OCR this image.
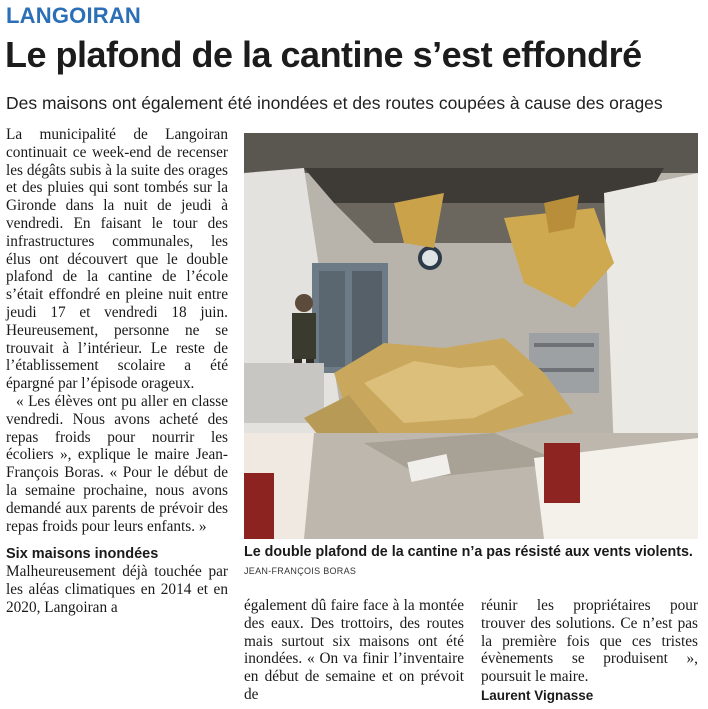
LANGOIRAN
Le plafond de la cantine s’est effondré
Des maisons ont également été inondées et des routes coupées à cause des orages

La municipalité de Langoiran continuait ce week-end de recenser les dégâts subis à la suite des orages et des pluies qui sont tombés sur la Gironde dans la nuit de jeudi à vendredi. En faisant le tour des infrastructures communales, les élus ont découvert que le double plafond de la cantine de l’école s’était effondré en pleine nuit entre jeudi 17 et vendredi 18 juin. Heureusement, personne ne se trouvait à l’intérieur. Le reste de l’établissement scolaire a été épargné par l’épisode orageux.

« Les élèves ont pu aller en classe vendredi. Nous avons acheté des repas froids pour nourrir les écoliers », explique le maire Jean-François Boras. « Pour le début de la semaine prochaine, nous avons demandé aux parents de prévoir des repas froids pour leurs enfants. »

Six maisons inondées

Malheureusement déjà touchée par les aléas climatiques en 2014 et en 2020, Langoiran a

Le double plafond de la cantine n’a pas résisté aux vents violents. JEAN-FRANÇOIS BORAS

également dû faire face à la montée des eaux. Des trottoirs, des routes mais surtout six maisons ont été inondées. « On va finir l’inventaire en début de semaine et on prévoit de

réunir les propriétaires pour trouver des solutions. Ce n’est pas la première fois que ces tristes évènements se produisent », poursuit le maire.

Laurent Vignasse
